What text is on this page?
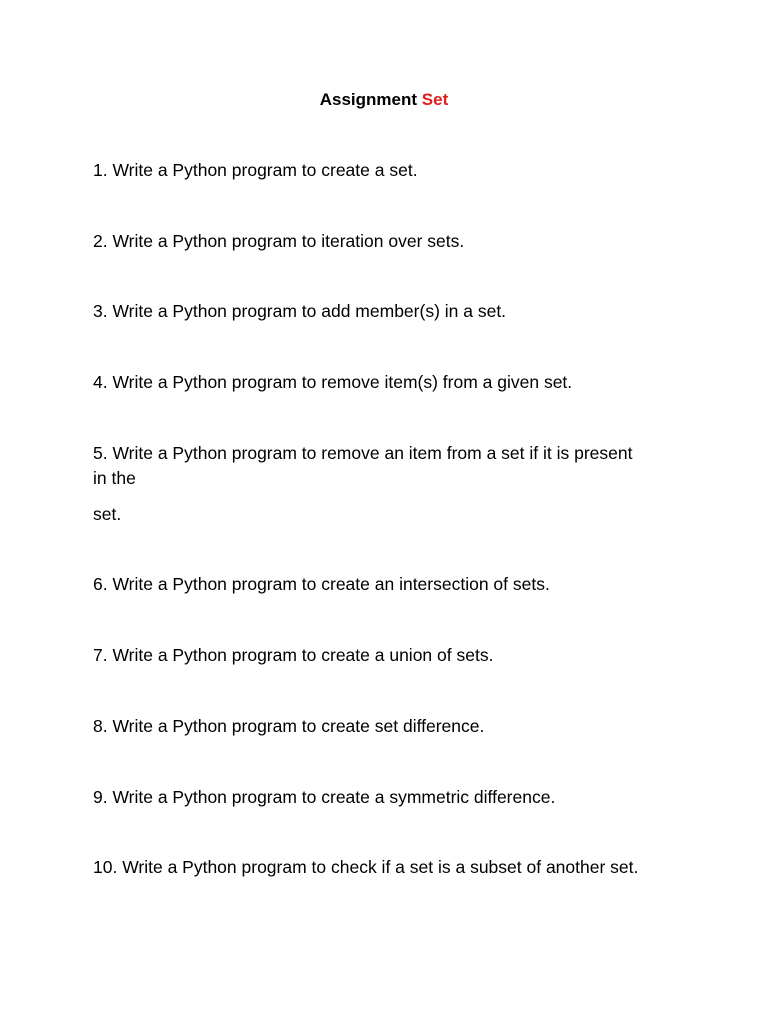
Assignment Set

1. Write a Python program to create a set.

2. Write a Python program to iteration over sets.

3. Write a Python program to add member(s) in a set.

4. Write a Python program to remove item(s) from a given set.

5. Write a Python program to remove an item from a set if it is present in the

set.

6. Write a Python program to create an intersection of sets.

7. Write a Python program to create a union of sets.

8. Write a Python program to create set difference.

9. Write a Python program to create a symmetric difference.

10. Write a Python program to check if a set is a subset of another set.
